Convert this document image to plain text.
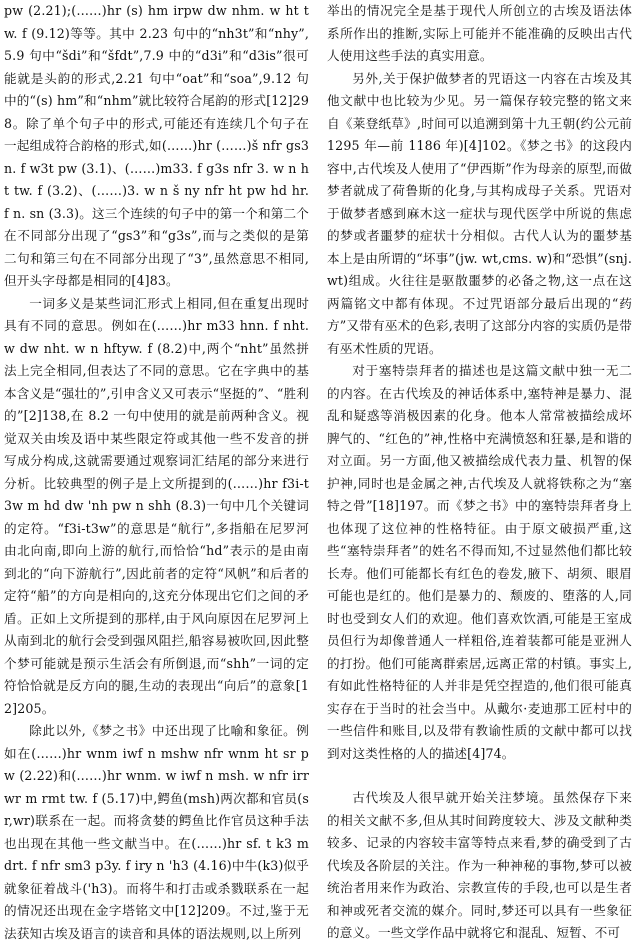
pw (2.21);(……)hr (s) hm irpw dw nhm. w ht tw. f (9.12)等等。其中 2.23 句中的“nh3t”和“nhy”,5.9 句中“šdi”和“šfdt”,7.9 中的“d3i”和“d3is”很可能就是头韵的形式,2.21 句中“oat”和“soa”,9.12 句中的“(s) hm”和“nhm”就比较符合尾韵的形式[12]298。除了单个句子中的形式,可能还有连续几个句子在一起组成符合韵格的形式,如(……)hr (……)š nfr gs3 n. f w3t pw (3.1)、(……)m33. f g3s nfr 3. w n ht tw. f (3.2)、(……)3. w n š ny nfr ht pw hd hr. f n. sn (3.3)。这三个连续的句子中的第一个和第二个在不同部分出现了“gs3”和“g3s”,而与之类似的是第二句和第三句在不同部分出现了“3”,虽然意思不相同,但开头字母都是相同的[4]83。

一词多义是某些词汇形式上相同,但在重复出现时具有不同的意思。例如在(……)hr m33 hnn. f nht. w dw nht. w n hftyw. f (8.2)中,两个“nht”虽然拼法上完全相同,但表达了不同的意思。它在字典中的基本含义是“强壮的”,引申含义又可表示“坚挺的”、“胜利的”[2]138,在 8.2 一句中使用的就是前两种含义。视觉双关由埃及语中某些限定符或其他一些不发音的拼写成分构成,这就需要通过观察词汇结尾的部分来进行分析。比较典型的例子是上文所提到的(……)hr f3i-t3w m hd dw 'nh pw n shh (8.3)一句中几个关键词的定符。“f3i-t3w”的意思是“航行”,多指船在尼罗河由北向南,即向上游的航行,而恰恰“hd”表示的是由南到北的“向下游航行”,因此前者的定符“风帆”和后者的定符“船”的方向是相向的,这充分体现出它们之间的矛盾。正如上文所提到的那样,由于风向原因在尼罗河上从南到北的航行会受到强风阻拦,船容易被吹回,因此整个梦可能就是预示生活会有所倒退,而“shh”一词的定符恰恰就是反方向的腿,生动的表现出“向后”的意象[12]205。

除此以外,《梦之书》中还出现了比喻和象征。例如在(……)hr wnm iwf n mshw nfr wnm ht sr pw (2.22)和(……)hr wnm. w iwf n msh. w nfr irr wr m rmt tw. f (5.17)中,鳄鱼(msh)两次都和官员(sr,wr)联系在一起。而将贪婪的鳄鱼比作官员这种手法也出现在其他一些文献当中。在(……)hr sf. t k3 m drt. f nfr sm3 p3y. f iry n 'h3 (4.16)中牛(k3)似乎就象征着战斗('h3)。而将牛和打击或杀戮联系在一起的情况还出现在金字塔铭文中[12]209。不过,鉴于无法获知古埃及语言的读音和具体的语法规则,以上所列

举出的情况完全是基于现代人所创立的古埃及语法体系所作出的推断,实际上可能并不能准确的反映出古代人使用这些手法的真实用意。

另外,关于保护做梦者的咒语这一内容在古埃及其他文献中也比较为少见。另一篇保存较完整的铭文来自《莱登纸草》,时间可以追溯到第十九王朝(约公元前 1295 年—前 1186 年)[4]102。《梦之书》的这段内容中,古代埃及人使用了“伊西斯”作为母亲的原型,而做梦者就成了荷鲁斯的化身,与其构成母子关系。咒语对于做梦者感到麻木这一症状与现代医学中所说的焦虑的梦或者噩梦的症状十分相似。古代人认为的噩梦基本上是由所谓的“坏事”(jw. wt,cms. w)和“恐惧”(snj. wt)组成。火往往是驱散噩梦的必备之物,这一点在这两篇铭文中都有体现。不过咒语部分最后出现的“药方”又带有巫术的色彩,表明了这部分内容的实质仍是带有巫术性质的咒语。

对于塞特崇拜者的描述也是这篇文献中独一无二的内容。在古代埃及的神话体系中,塞特神是暴力、混乱和疑惑等消极因素的化身。他本人常常被描绘成坏脾气的、“红色的”神,性格中充满愤怒和狂暴,是和谐的对立面。另一方面,他又被描绘成代表力量、机智的保护神,同时也是金属之神,古代埃及人就将铁称之为“塞特之骨”[18]197。而《梦之书》中的塞特崇拜者身上也体现了这位神的性格特征。由于原文破损严重,这些“塞特崇拜者”的姓名不得而知,不过显然他们都比较长寿。他们可能都长有红色的卷发,腋下、胡须、眼眉可能也是红的。他们是暴力的、颓废的、堕落的人,同时也受到女人们的欢迎。他们喜欢饮酒,可能是王室成员但行为却像普通人一样粗俗,连着装都可能是亚洲人的打扮。他们可能离群索居,远离正常的村镇。事实上,有如此性格特征的人并非是凭空捏造的,他们很可能真实存在于当时的社会当中。从戴尔·麦迪那工匠村中的一些信件和账目,以及带有教谕性质的文献中都可以找到对这类性格的人的描述[4]74。

古代埃及人很早就开始关注梦境。虽然保存下来的相关文献不多,但从其时间跨度较大、涉及文献种类较多、记录的内容较丰富等特点来看,梦的确受到了古代埃及各阶层的关注。作为一种神秘的事物,梦可以被统治者用来作为政治、宗教宣传的手段,也可以是生者和神或死者交流的媒介。同时,梦还可以具有一些象征的意义。一些文学作品中就将它和混乱、短暂、不可
